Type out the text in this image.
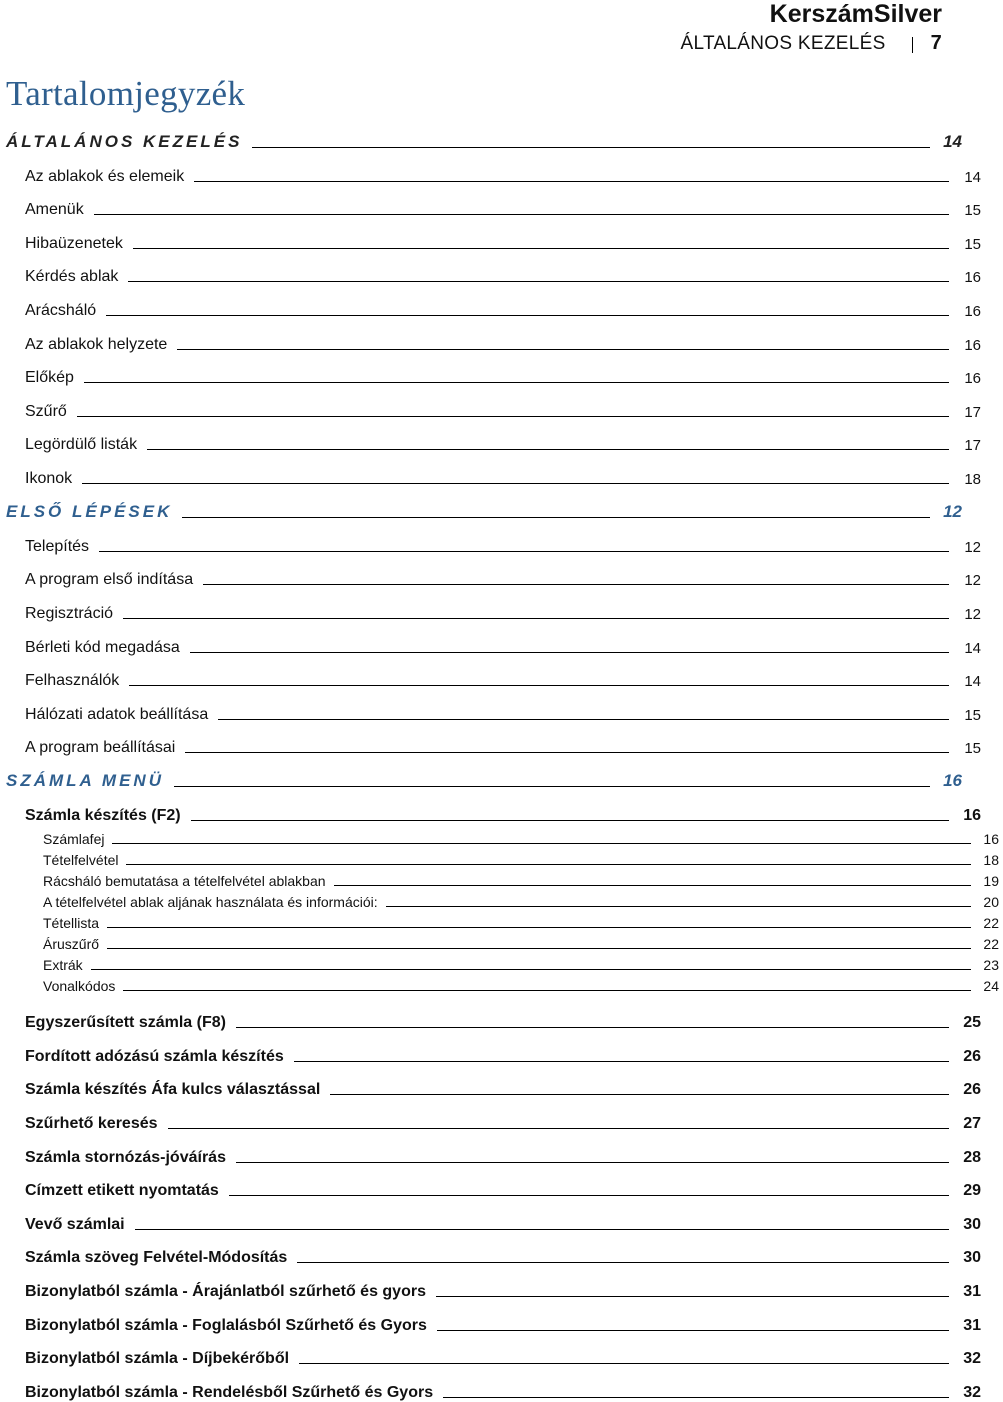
KerszámSilver
ÁLTALÁNOS KEZELÉS 7
Tartalomjegyzék
ÁLTALÁNOS KEZELÉS	14
Az ablakok és elemeik	14
Amenük	15
Hibaüzenetek	15
Kérdés ablak	16
Arácsháló	16
Az ablakok helyzete	16
Előkép	16
Szűrő	17
Legördülő listák	17
Ikonok	18
ELSŐ LÉPÉSEK	12
Telepítés	12
A program első indítása	12
Regisztráció	12
Bérleti kód megadása	14
Felhasználók	14
Hálózati adatok beállítása	15
A program beállításai	15
SZÁMLA MENÜ	16
Számla készítés (F2)	16
Számlafej	16
Tételfelvétel	18
Rácsháló bemutatása a tételfelvétel ablakban	19
A tételfelvétel ablak aljának használata és információi:	20
Tétellista	22
Áruszűrő	22
Extrák	23
Vonalkódos	24
Egyszerűsített számla (F8)	25
Fordított adózású számla készítés	26
Számla készítés Áfa kulcs választással	26
Szűrhető keresés	27
Számla stornózás-jóváírás	28
Címzett etikett nyomtatás	29
Vevő számlai	30
Számla szöveg Felvétel-Módosítás	30
Bizonylatból számla - Árajánlatból szűrhető és gyors	31
Bizonylatból számla - Foglalásból Szűrhető és Gyors	31
Bizonylatból számla - Díjbekérőből	32
Bizonylatból számla - Rendelésből Szűrhető és Gyors	32
